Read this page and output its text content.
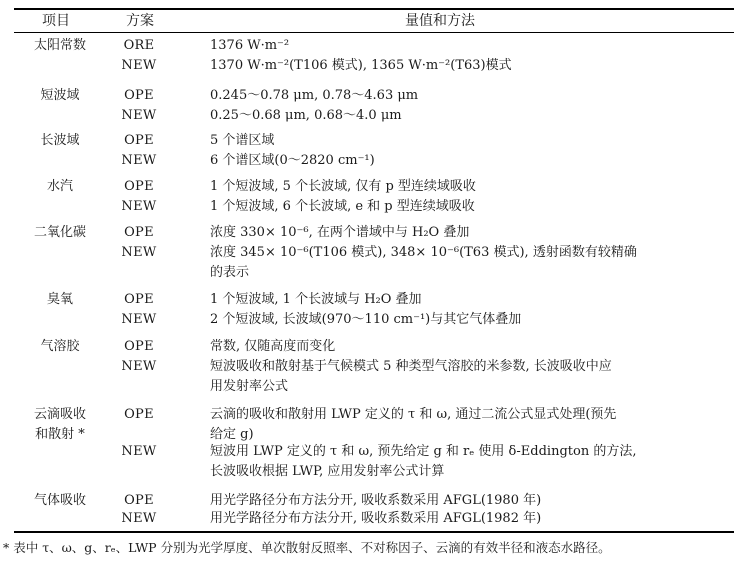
项目	方案	量值和方法
太阳常数	ORE	1376 W·m⁻²
NEW	1370 W·m⁻²(T106 模式), 1365 W·m⁻²(T63)模式
短波域	OPE	0.245～0.78 μm, 0.78～4.63 μm
NEW	0.25～0.68 μm, 0.68～4.0 μm
长波域	OPE	5 个谱区域
NEW	6 个谱区域(0～2820 cm⁻¹)
水汽	OPE	1 个短波域, 5 个长波域, 仅有 p 型连续域吸收
NEW	1 个短波域, 6 个长波域, e 和 p 型连续域吸收
二氧化碳	OPE	浓度 330× 10⁻⁶, 在两个谱域中与 H₂O 叠加
NEW	浓度 345× 10⁻⁶(T106 模式), 348× 10⁻⁶(T63 模式), 透射函数有较精确
的表示
臭氧	OPE	1 个短波域, 1 个长波域与 H₂O 叠加
NEW	2 个短波域, 长波域(970～110 cm⁻¹)与其它气体叠加
气溶胶	OPE	常数, 仅随高度而变化
NEW	短波吸收和散射基于气候模式 5 种类型气溶胶的米参数, 长波吸收中应
用发射率公式
云滴吸收
和散射 *
OPE	云滴的吸收和散射用 LWP 定义的 τ 和 ω, 通过二流公式显式处理(预先
给定 g)
NEW	短波用 LWP 定义的 τ 和 ω, 预先给定 g 和 rₑ 使用 δ-Eddington 的方法,
长波吸收根据 LWP, 应用发射率公式计算
气体吸收	OPE	用光学路径分布方法分开, 吸收系数采用 AFGL(1980 年)
NEW	用光学路径分布方法分开, 吸收系数采用 AFGL(1982 年)
* 表中 τ、ω、g、rₑ、LWP 分别为光学厚度、单次散射反照率、不对称因子、云滴的有效半径和液态水路径。
